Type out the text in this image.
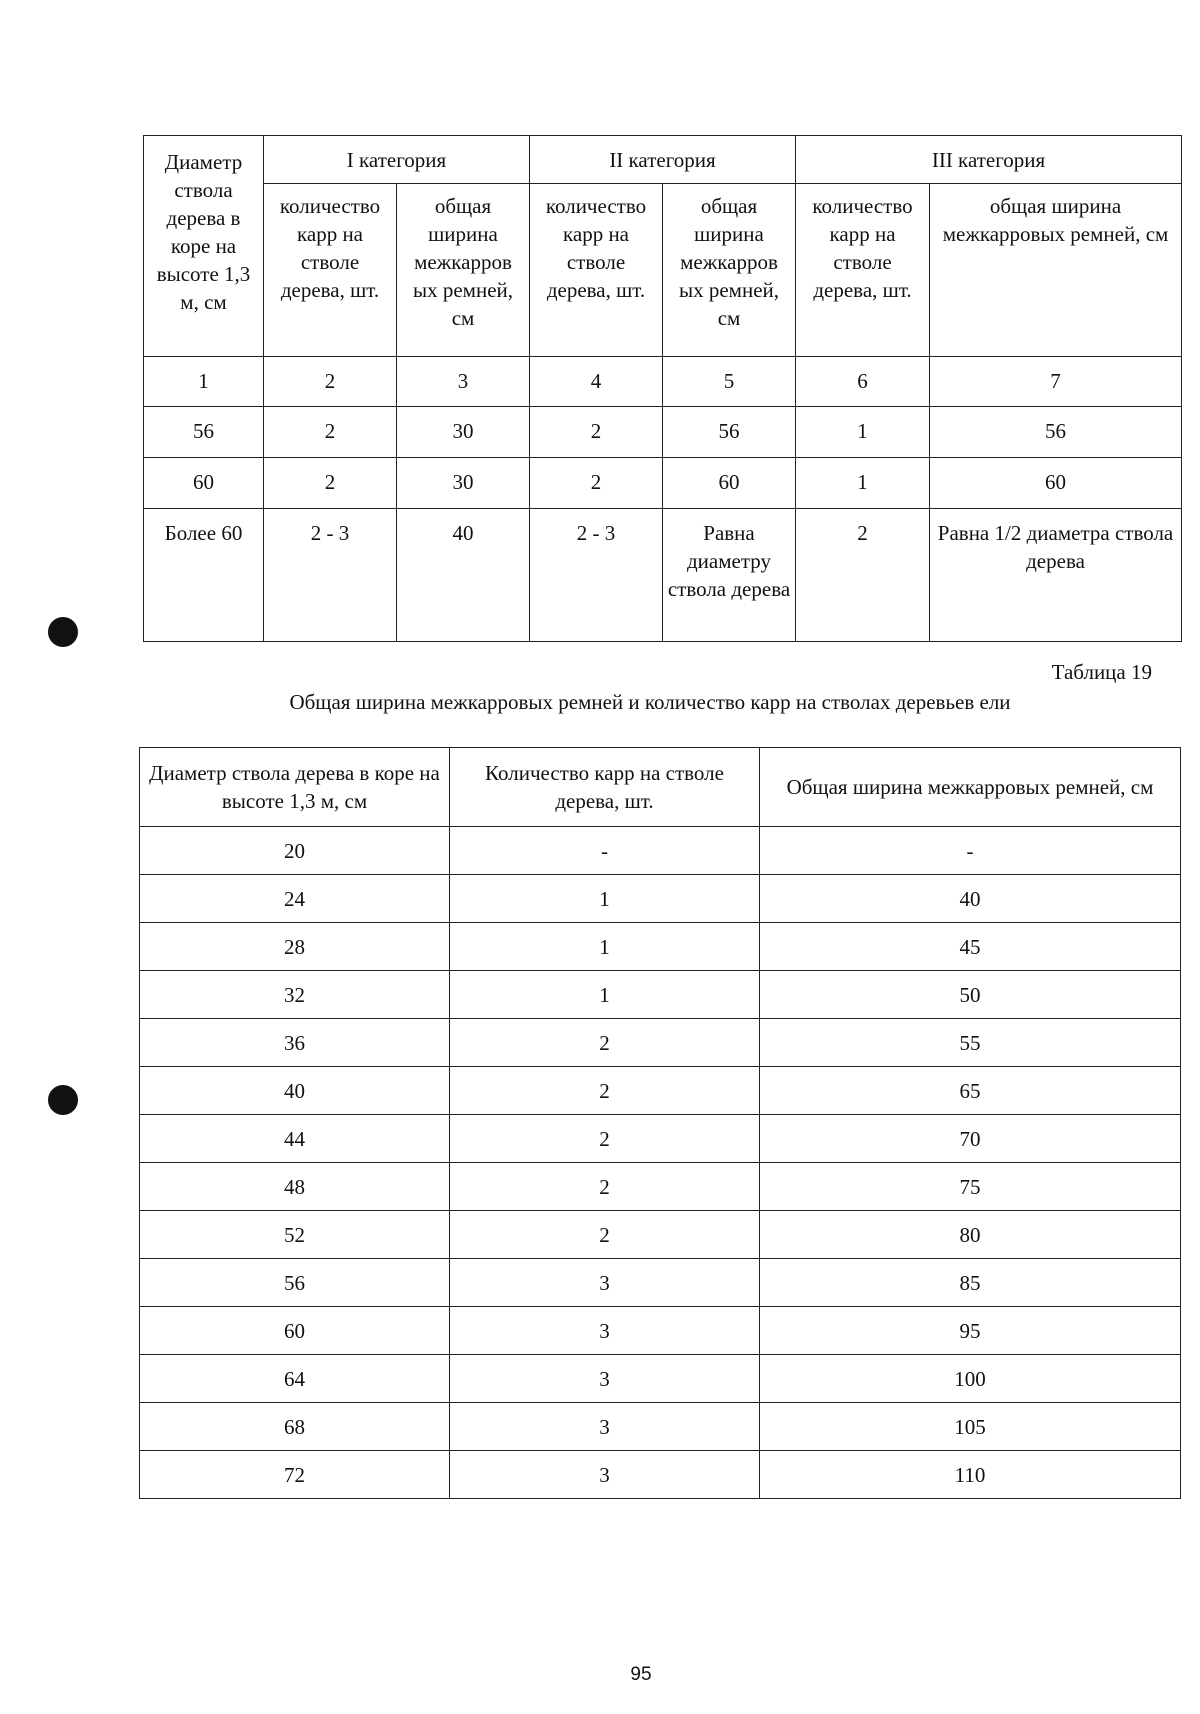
Диаметр ствола дерева в коре на высоте 1,3 м, см	I категория		II категория		III категория	
	количество карр на стволе дерева, шт.	общая ширина межкарров ых ремней, см	количество карр на стволе дерева, шт.	общая ширина межкарров ых ремней, см	количество карр на стволе дерева, шт.	общая ширина межкарровых ремней, см
1	2	3	4	5	6	7
56	2	30	2	56	1	56
60	2	30	2	60	1	60
Более 60	2 - 3	40	2 - 3	Равна диаметру ствола дерева	2	Равна 1/2 диаметра ствола дерева
Таблица 19
Общая ширина межкарровых ремней и количество карр на стволах деревьев ели
Диаметр ствола дерева в коре на высоте 1,3 м, см	Количество карр на стволе дерева, шт.	Общая ширина межкарровых ремней, см
20	-	-
24	1	40
28	1	45
32	1	50
36	2	55
40	2	65
44	2	70
48	2	75
52	2	80
56	3	85
60	3	95
64	3	100
68	3	105
72	3	110
95
